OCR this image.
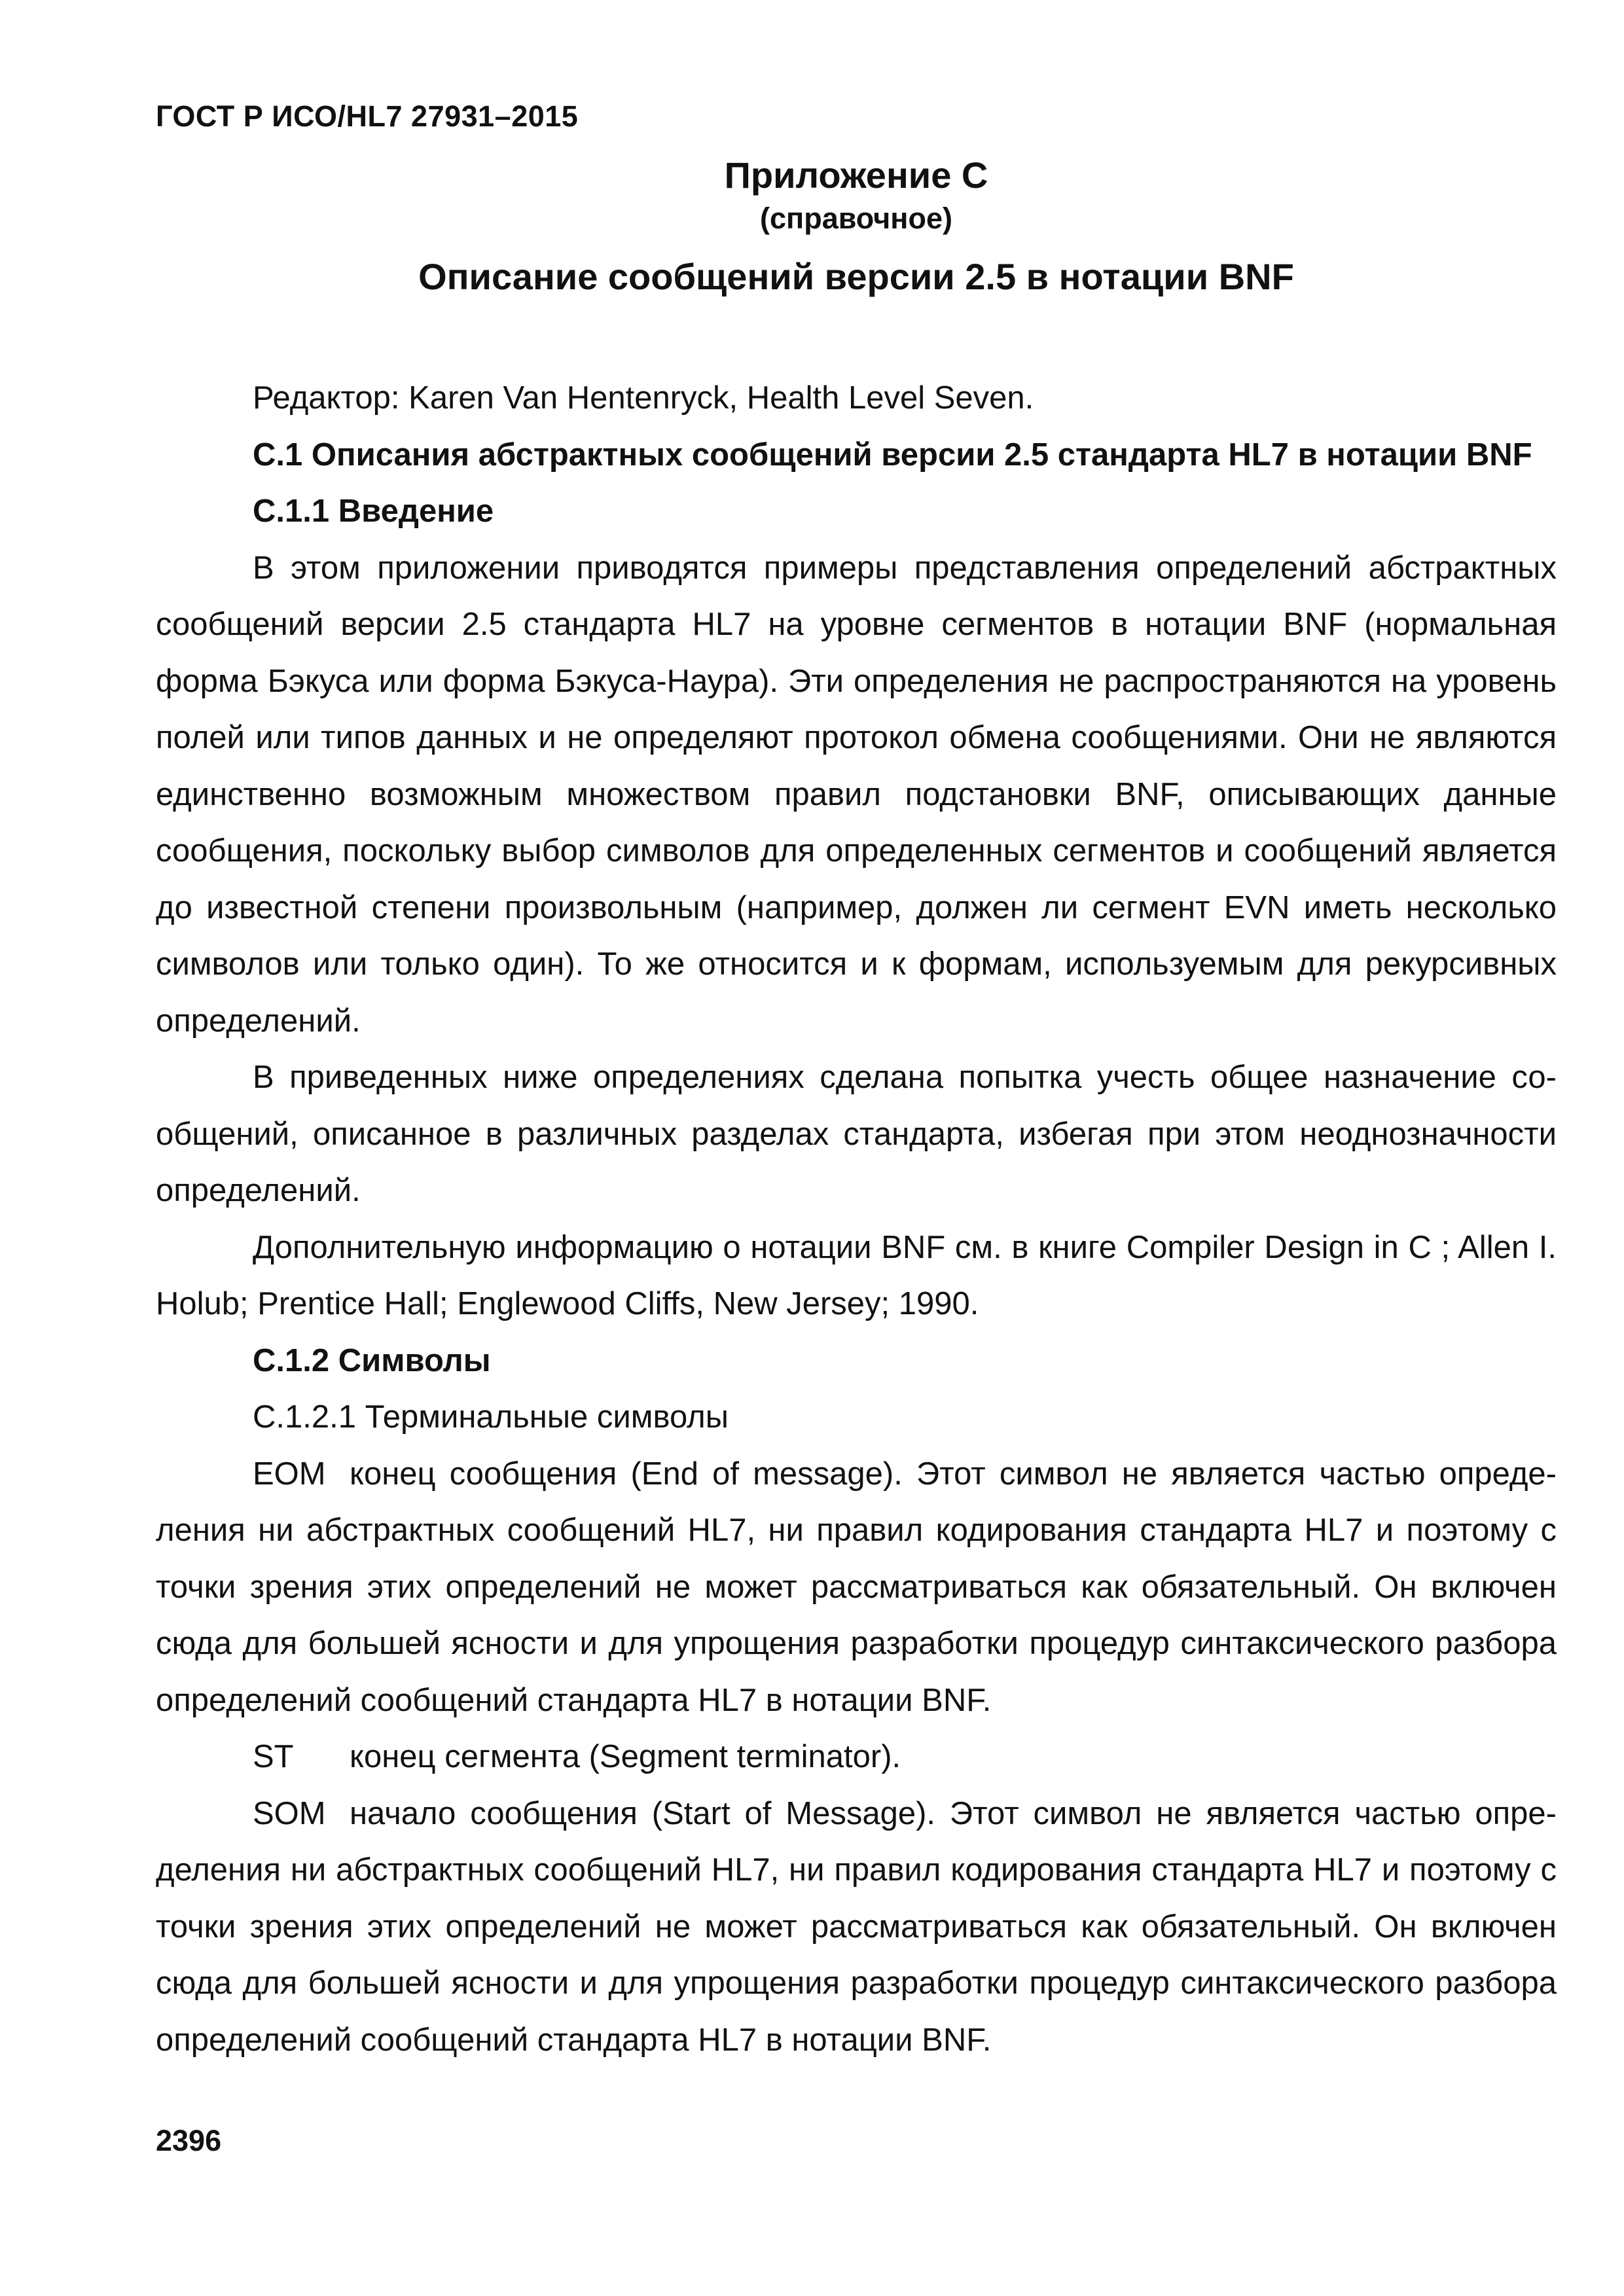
ГОСТ Р ИСО/HL7 27931–2015
Приложение C
(справочное)
Описание сообщений версии 2.5 в нотации BNF

Редактор: Karen Van Hentenryck, Health Level Seven.

C.1 Описания абстрактных сообщений версии 2.5 стандарта HL7 в нотации BNF

C.1.1 Введение

В этом приложении приводятся примеры представления определений абстрактных сообщений версии 2.5 стандарта HL7 на уровне сегментов в нотации BNF (нормальная форма Бэкуса или форма Бэкуса-Наура). Эти определения не распространяются на уровень полей или типов данных и не определяют протокол обмена сообщениями. Они не являются единственно возможным множеством правил подстановки BNF, описывающих данные сообщения, поскольку выбор символов для определенных сегментов и сообщений является до известной степени произвольным (например, должен ли сегмент EVN иметь несколько символов или только один). То же относится и к формам, используемым для рекурсивных определений.

В приведенных ниже определениях сделана попытка учесть общее назначение сообщений, описанное в различных разделах стандарта, избегая при этом неоднозначности определений.

Дополнительную информацию о нотации BNF см. в книге Compiler Design in C ; Allen I. Holub; Prentice Hall; Englewood Cliffs, New Jersey; 1990.

C.1.2 Символы

C.1.2.1 Терминальные символы

EOM конец сообщения (End of message). Этот символ не является частью определения ни абстрактных сообщений HL7, ни правил кодирования стандарта HL7 и поэтому с точки зрения этих определений не может рассматриваться как обязательный. Он включен сюда для большей ясности и для упрощения разработки процедур синтаксического разбора определений сообщений стандарта HL7 в нотации BNF.

ST конец сегмента (Segment terminator).

SOM начало сообщения (Start of Message). Этот символ не является частью определения ни абстрактных сообщений HL7, ни правил кодирования стандарта HL7 и поэтому с точки зрения этих определений не может рассматриваться как обязательный. Он включен сюда для большей ясности и для упрощения разработки процедур синтаксического разбора определений сообщений стандарта HL7 в нотации BNF.

2396
